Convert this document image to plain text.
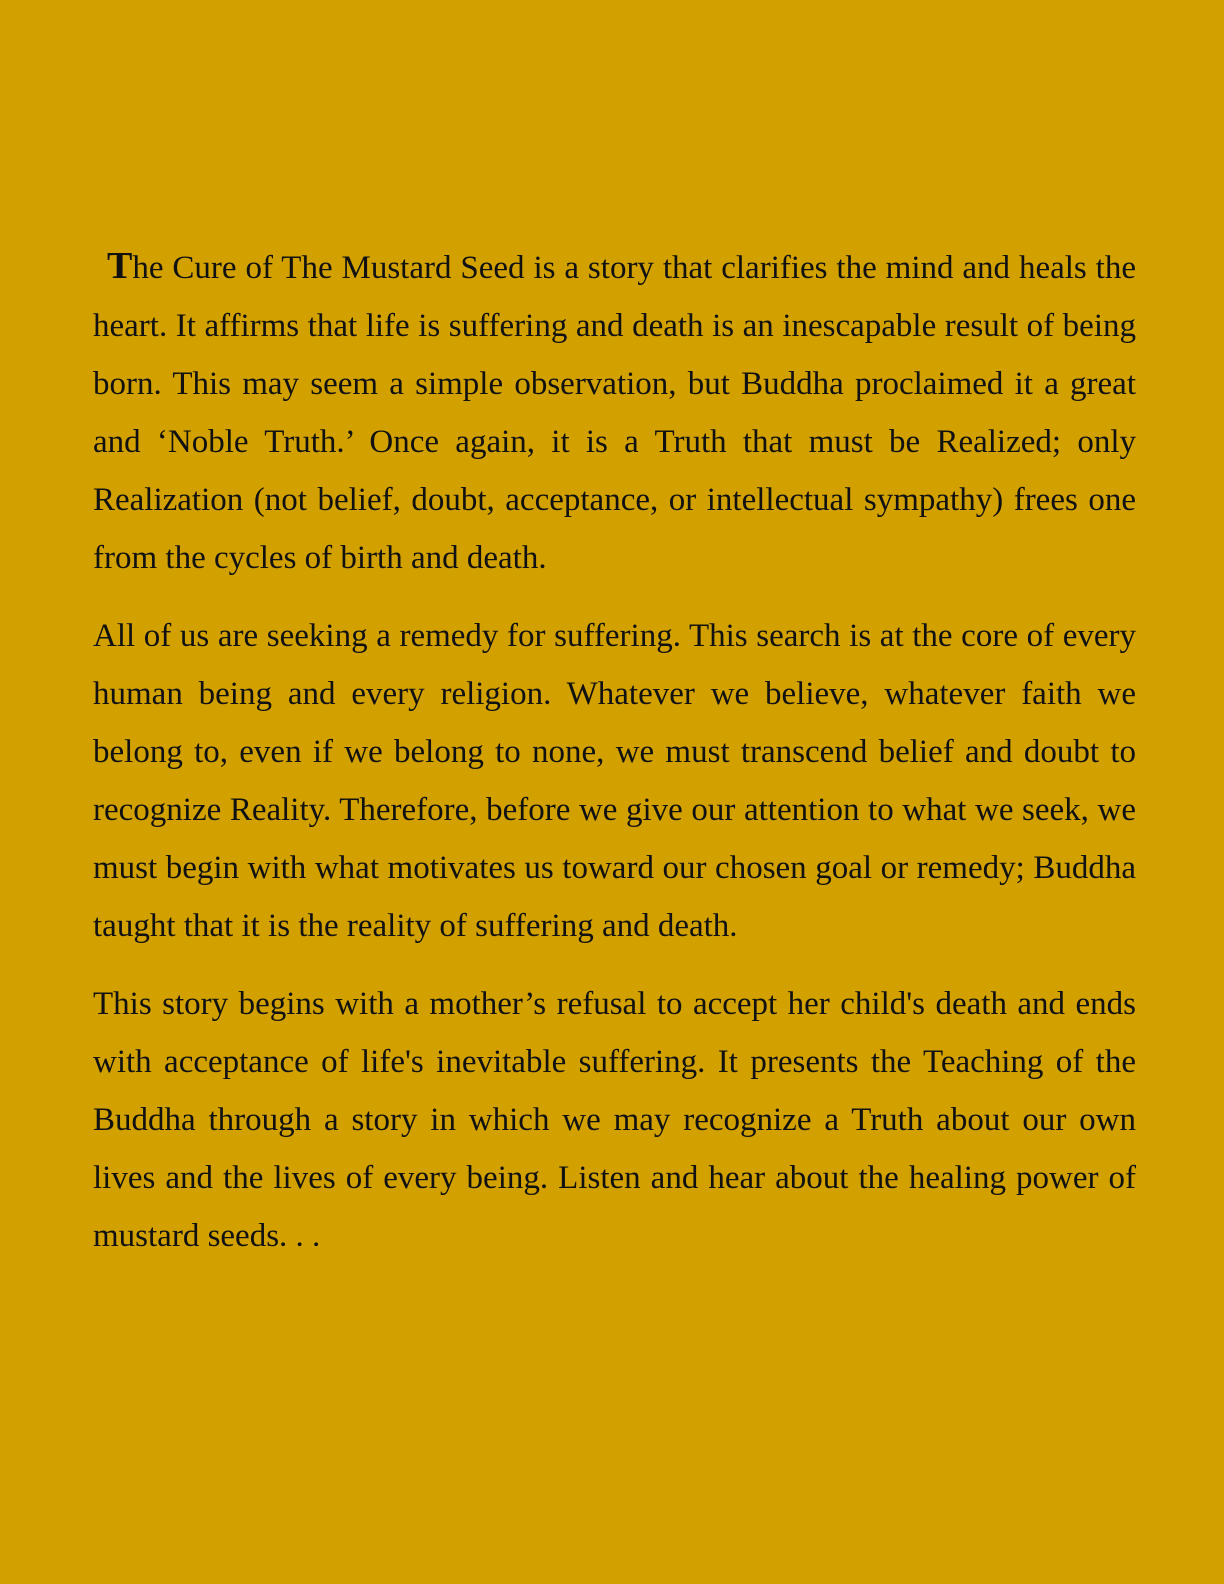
The Cure of The Mustard Seed is a story that clarifies the mind and heals the heart. It affirms that life is suffering and death is an inescapable result of being born. This may seem a simple observation, but Buddha proclaimed it a great and ‘Noble Truth.’ Once again, it is a Truth that must be Realized; only Realization (not belief, doubt, acceptance, or intellectual sympathy) frees one from the cycles of birth and death.

All of us are seeking a remedy for suffering. This search is at the core of every human being and every religion. Whatever we believe, whatever faith we belong to, even if we belong to none, we must transcend belief and doubt to recognize Reality. Therefore, before we give our attention to what we seek, we must begin with what motivates us toward our chosen goal or remedy; Buddha taught that it is the reality of suffering and death.

This story begins with a mother’s refusal to accept her child's death and ends with acceptance of life's inevitable suffering. It presents the Teaching of the Buddha through a story in which we may recognize a Truth about our own lives and the lives of every being. Listen and hear about the healing power of mustard seeds. . .
